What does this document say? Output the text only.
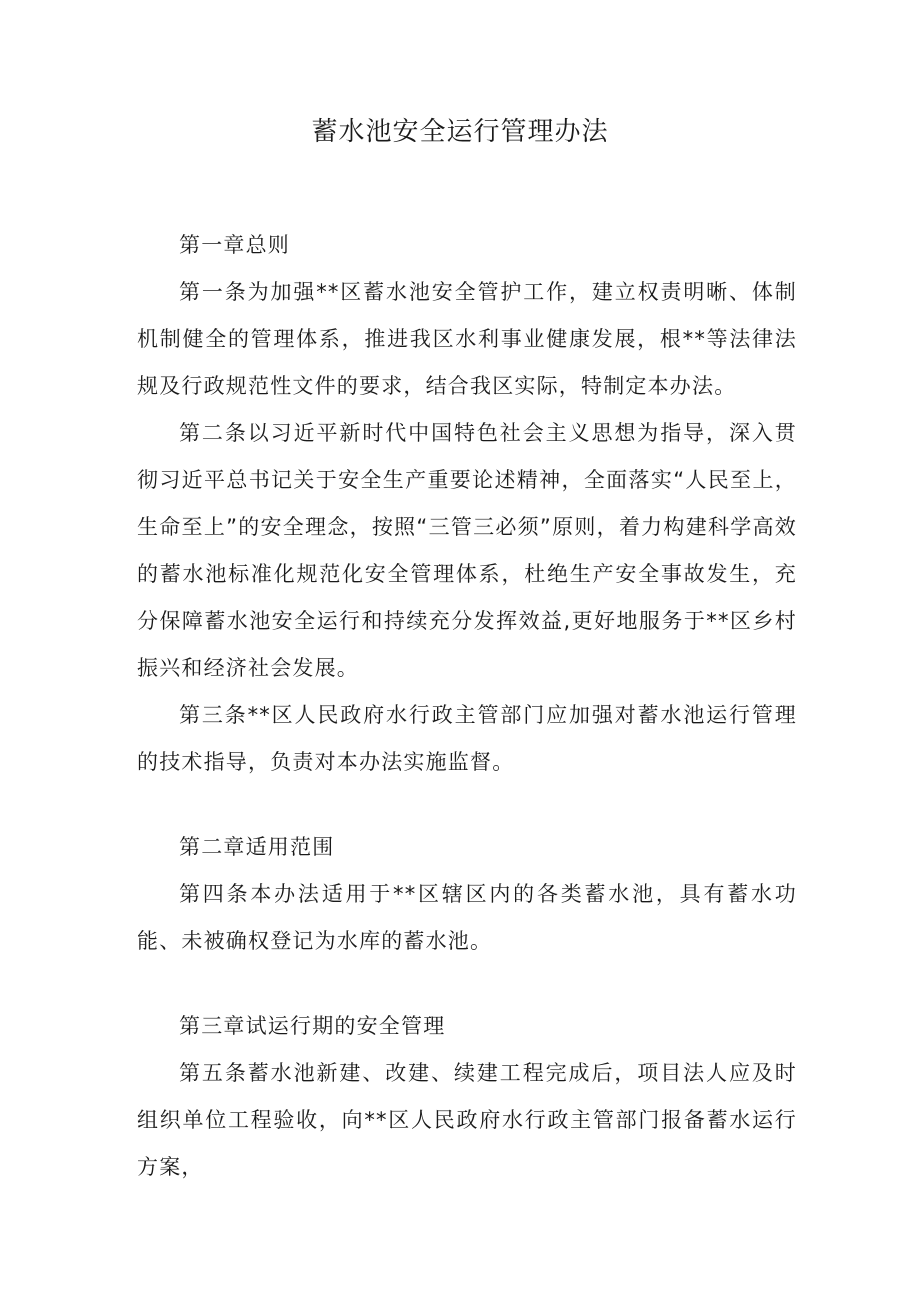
蓄水池安全运行管理办法

第一章总则

第一条为加强**区蓄水池安全管护工作，建立权责明晰、体制机制健全的管理体系，推进我区水利事业健康发展，根**等法律法规及行政规范性文件的要求，结合我区实际，特制定本办法。

第二条以习近平新时代中国特色社会主义思想为指导，深入贯彻习近平总书记关于安全生产重要论述精神，全面落实“人民至上，生命至上”的安全理念，按照“三管三必须”原则，着力构建科学高效的蓄水池标准化规范化安全管理体系，杜绝生产安全事故发生，充分保障蓄水池安全运行和持续充分发挥效益,更好地服务于**区乡村振兴和经济社会发展。

第三条**区人民政府水行政主管部门应加强对蓄水池运行管理的技术指导，负责对本办法实施监督。

第二章适用范围

第四条本办法适用于**区辖区内的各类蓄水池，具有蓄水功能、未被确权登记为水库的蓄水池。

第三章试运行期的安全管理

第五条蓄水池新建、改建、续建工程完成后，项目法人应及时组织单位工程验收，向**区人民政府水行政主管部门报备蓄水运行方案，
